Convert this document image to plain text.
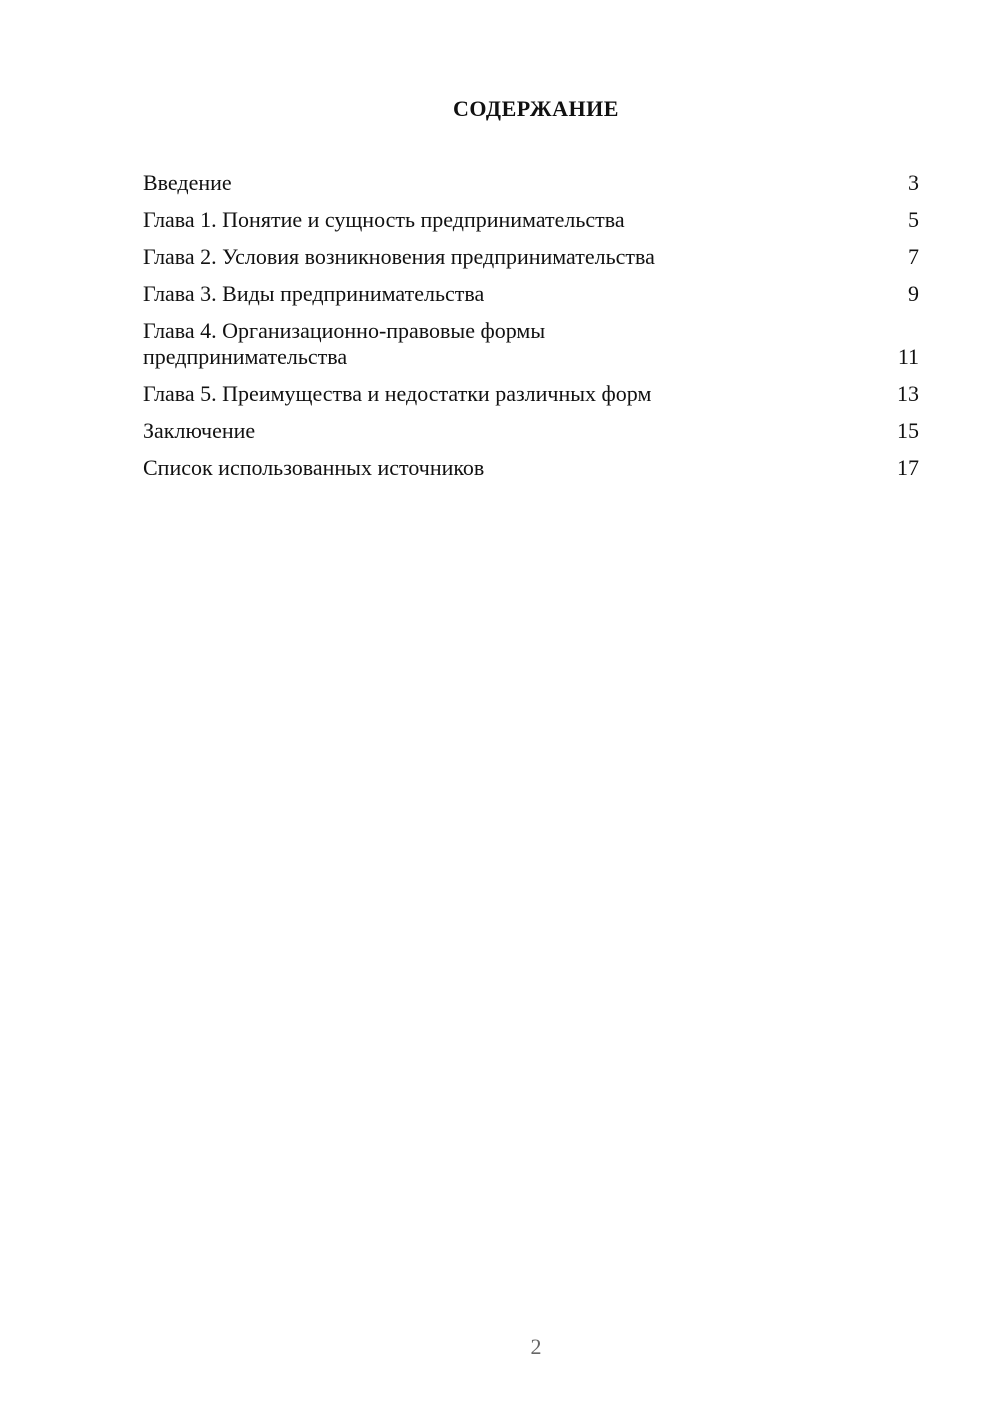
СОДЕРЖАНИЕ
Введение	3
Глава 1. Понятие и сущность предпринимательства	5
Глава 2. Условия возникновения предпринимательства	7
Глава 3. Виды предпринимательства	9
Глава 4. Организационно-правовые формы предпринимательства	11
Глава 5. Преимущества и недостатки различных форм	13
Заключение	15
Список использованных источников	17
2
